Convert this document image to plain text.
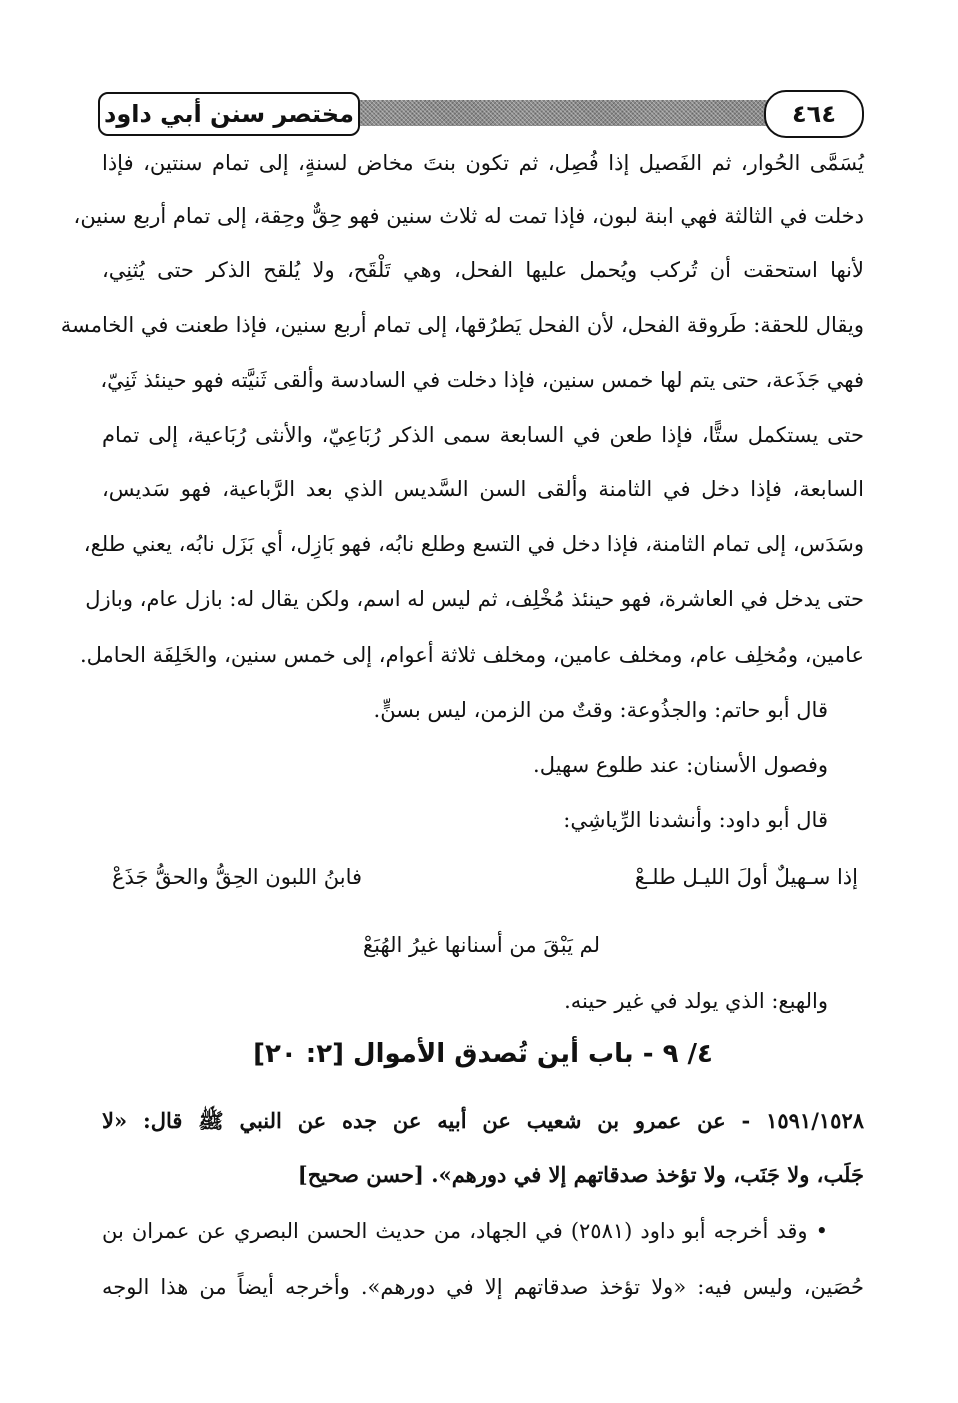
مختصر سنن أبي داود	٤٦٤
يُسَمَّى الحُوار، ثم الفَصيل إذا فُصِل، ثم تكون بنتَ مخاض لسنةٍ، إلى تمام سنتين، فإذا
دخلت في الثالثة فهي ابنة لبون، فإذا تمت له ثلاث سنين فهو حِقٌّ وحِقة، إلى تمام أربع سنين،
لأنها استحقت أن تُركب ويُحمل عليها الفحل، وهي تَلْقَح، ولا يُلقح الذكر حتى يُثنِي،
ويقال للحقة: طَروقة الفحل، لأن الفحل يَطرُقها، إلى تمام أربع سنين، فإذا طعنت في الخامسة
فهي جَذَعة، حتى يتم لها خمس سنين، فإذا دخلت في السادسة وألقى ثَنيَّته فهو حينئذ ثَنِيّ،
حتى يستكمل ستًّا، فإذا طعن في السابعة سمى الذكر رُبَاعِيّ، والأنثى رُبَاعية، إلى تمام
السابعة، فإذا دخل في الثامنة وألقى السن السَّديس الذي بعد الرَّباعية، فهو سَديس،
وسَدَس، إلى تمام الثامنة، فإذا دخل في التسع وطلع نابُه، فهو بَازِل، أي بَزَل نابُه، يعني طلع،
حتى يدخل في العاشرة، فهو حينئذ مُخْلِف، ثم ليس له اسم، ولكن يقال له: بازل عام، وبازل
عامين، ومُخلِف عام، ومخلف عامين، ومخلف ثلاثة أعوام، إلى خمس سنين، والخَلِفَة الحامل.
قال أبو حاتم: والجذُوعة: وقتٌ من الزمن، ليس بسنٍّ.
وفصول الأسنان: عند طلوع سهيل.
قال أبو داود: وأنشدنا الرِّياشِي:
إذا سـهيلٌ أولَ الليـل طلـعْ
فابنُ اللبون الحِقُّ والحقُّ جَذَعْ
لم يَبْقَ من أسنانها غيرُ الهُبَعْ
والهبع: الذي يولد في غير حينه.
٤/ ٩ - باب أين تُصدق الأموال [٢: ٢٠]
١٥٩١/١٥٢٨ - عن عمرو بن شعيب عن أبيه عن جده عن النبي ﷺ قال: «لا
جَلَب، ولا جَنَب، ولا تؤخذ صدقاتهم إلا في دورهم». [حسن صحيح]
• وقد أخرجه أبو داود (٢٥٨١) في الجهاد، من حديث الحسن البصري عن عمران بن
حُصَين، وليس فيه: «ولا تؤخذ صدقاتهم إلا في دورهم». وأخرجه أيضاً من هذا الوجه
